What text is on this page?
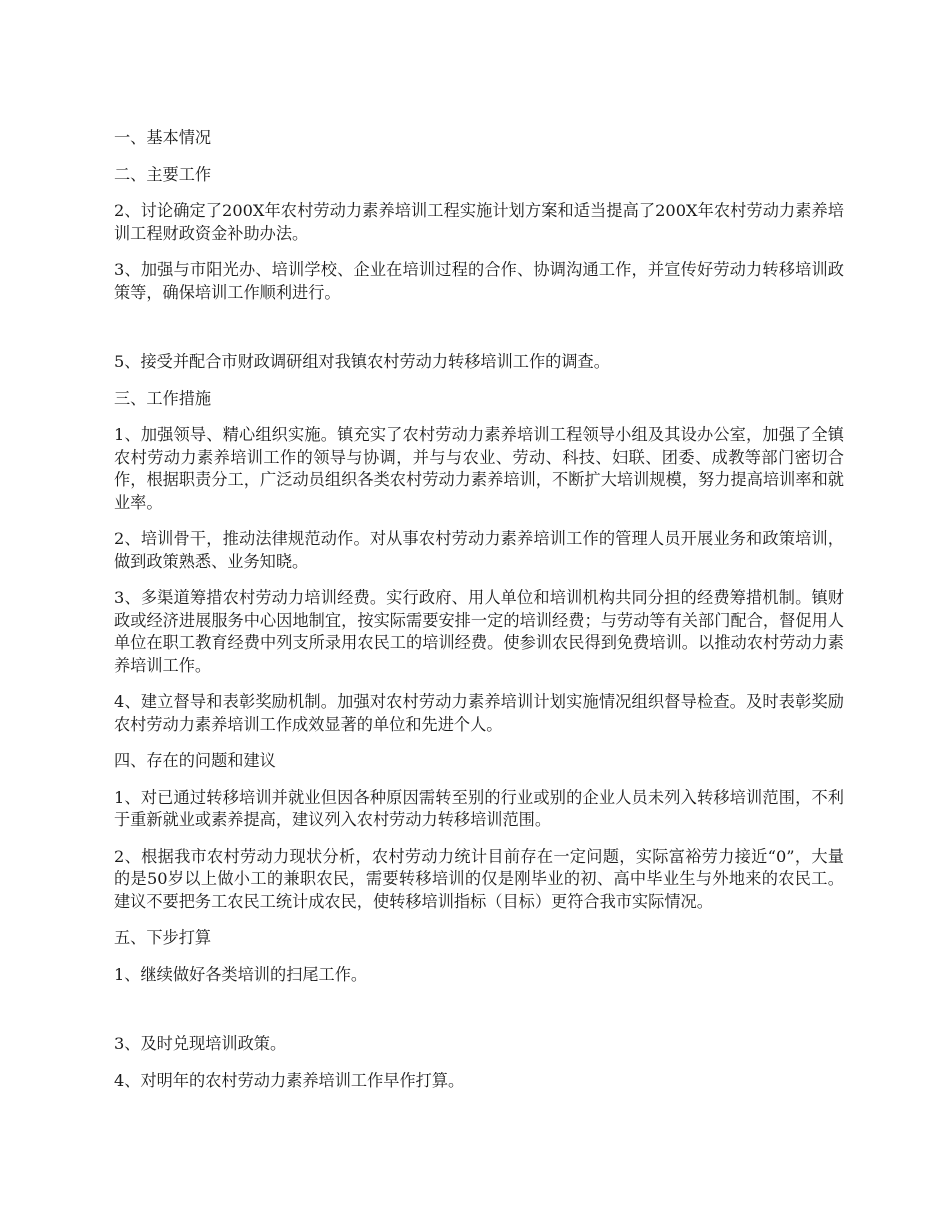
一、基本情况

二、主要工作

2、讨论确定了200X年农村劳动力素养培训工程实施计划方案和适当提高了200X年农村劳动力素养培训工程财政资金补助办法。

3、加强与市阳光办、培训学校、企业在培训过程的合作、协调沟通工作，并宣传好劳动力转移培训政策等，确保培训工作顺利进行。

5、接受并配合市财政调研组对我镇农村劳动力转移培训工作的调查。

三、工作措施

1、加强领导、精心组织实施。镇充实了农村劳动力素养培训工程领导小组及其设办公室，加强了全镇农村劳动力素养培训工作的领导与协调，并与与农业、劳动、科技、妇联、团委、成教等部门密切合作，根据职责分工，广泛动员组织各类农村劳动力素养培训，不断扩大培训规模，努力提高培训率和就业率。

2、培训骨干，推动法律规范动作。对从事农村劳动力素养培训工作的管理人员开展业务和政策培训，做到政策熟悉、业务知晓。

3、多渠道筹措农村劳动力培训经费。实行政府、用人单位和培训机构共同分担的经费筹措机制。镇财政或经济进展服务中心因地制宜，按实际需要安排一定的培训经费；与劳动等有关部门配合，督促用人单位在职工教育经费中列支所录用农民工的培训经费。使参训农民得到免费培训。以推动农村劳动力素养培训工作。

4、建立督导和表彰奖励机制。加强对农村劳动力素养培训计划实施情况组织督导检查。及时表彰奖励农村劳动力素养培训工作成效显著的单位和先进个人。

四、存在的问题和建议

1、对已通过转移培训并就业但因各种原因需转至别的行业或别的企业人员未列入转移培训范围，不利于重新就业或素养提高，建议列入农村劳动力转移培训范围。

2、根据我市农村劳动力现状分析，农村劳动力统计目前存在一定问题，实际富裕劳力接近“0”，大量的是50岁以上做小工的兼职农民，需要转移培训的仅是刚毕业的初、高中毕业生与外地来的农民工。建议不要把务工农民工统计成农民，使转移培训指标（目标）更符合我市实际情况。

五、下步打算

1、继续做好各类培训的扫尾工作。

3、及时兑现培训政策。

4、对明年的农村劳动力素养培训工作早作打算。
